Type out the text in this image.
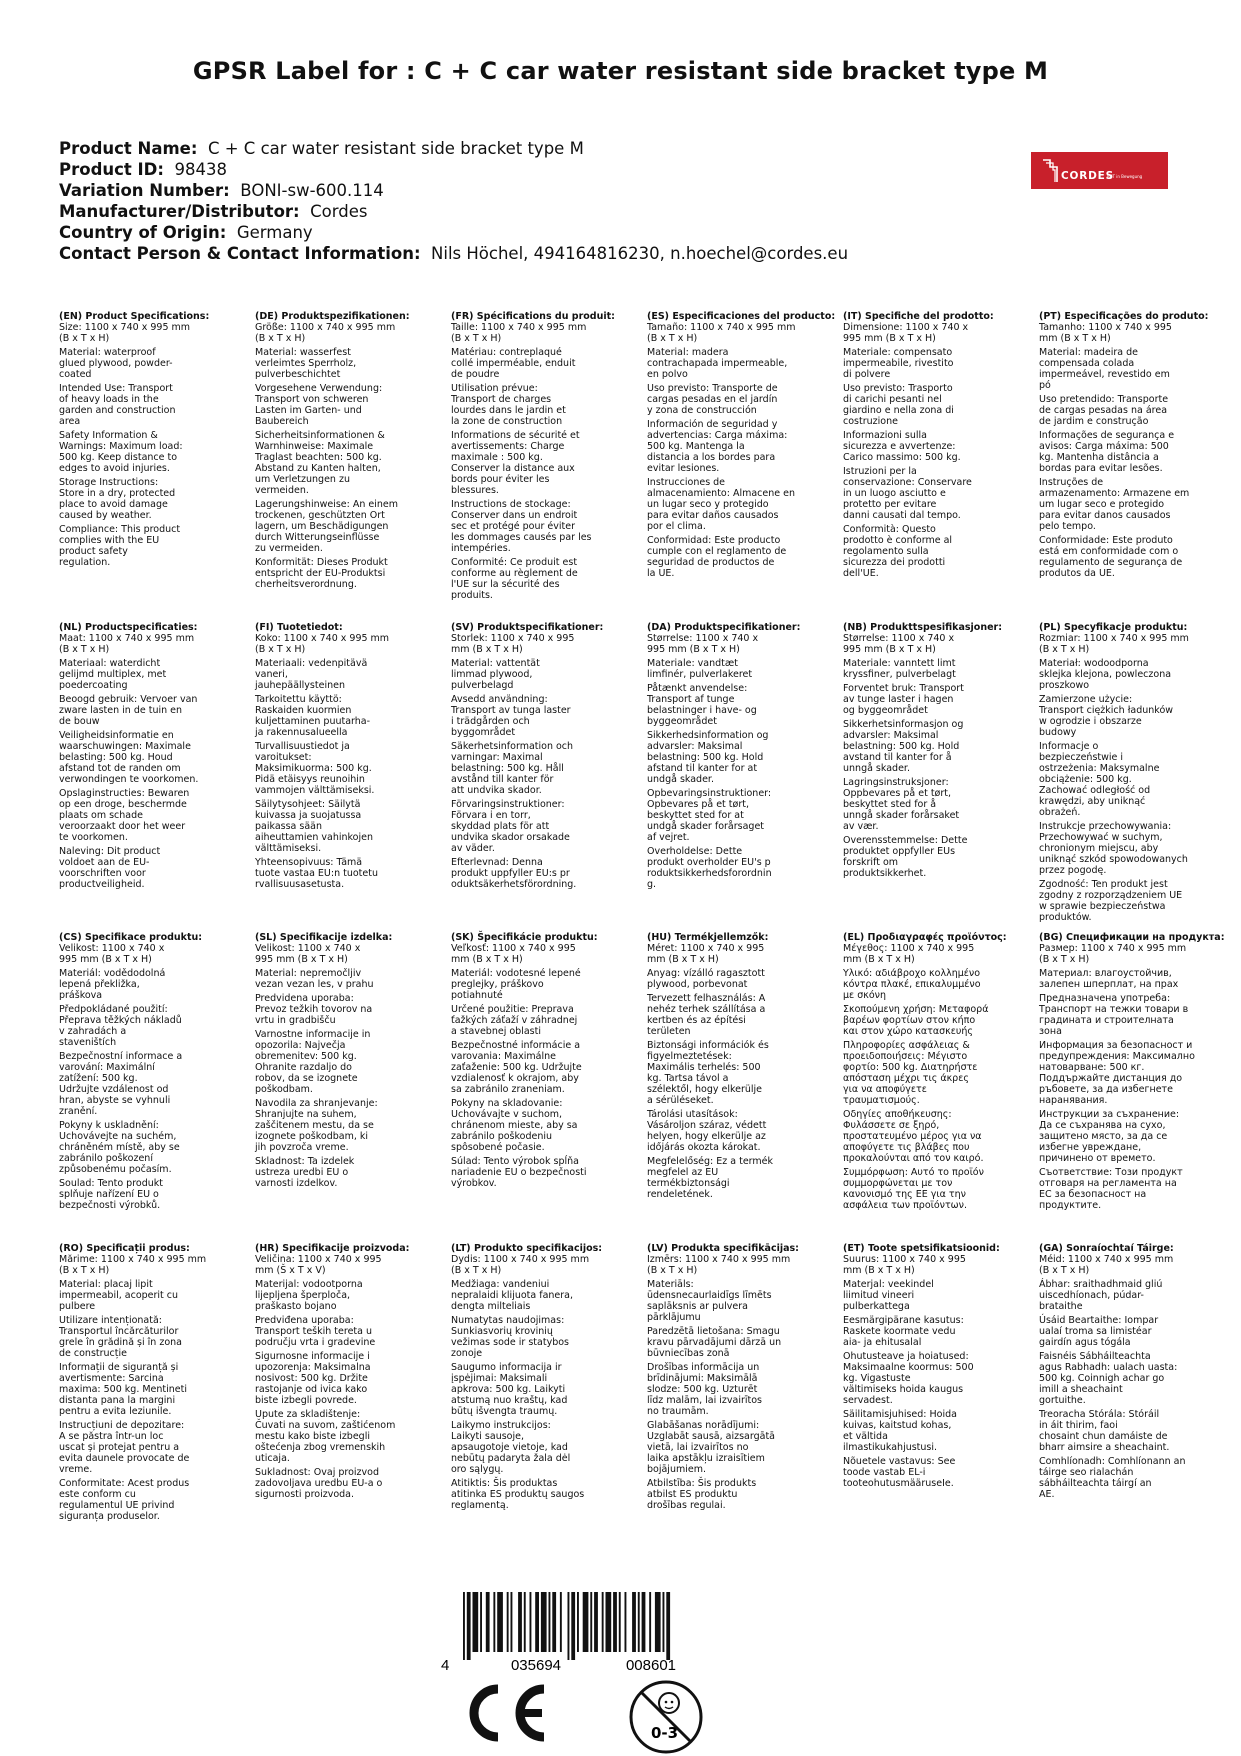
GPSR Label for : C + C car water resistant side bracket type M
Product Name: C + C car water resistant side bracket type M
Product ID: 98438
Variation Number: BONI-sw-600.114
Manufacturer/Distributor: Cordes
Country of Origin: Germany
Contact Person & Contact Information: Nils Höchel, 494164816230, n.hoechel@cordes.eu
CORDES
BBT in Bewegung
(EN) Product Specifications:
Size: 1100 x 740 x 995 mm
(B x T x H)
Material: waterproof
glued plywood, powder-
coated
Intended Use: Transport
of heavy loads in the
garden and construction
area
Safety Information &
Warnings: Maximum load:
500 kg. Keep distance to
edges to avoid injuries.
Storage Instructions:
Store in a dry, protected
place to avoid damage
caused by weather.
Compliance: This product
complies with the EU
product safety
regulation.
(DE) Produktspezifikationen:
Größe: 1100 x 740 x 995 mm
(B x T x H)
Material: wasserfest
verleimtes Sperrholz,
pulverbeschichtet
Vorgesehene Verwendung:
Transport von schweren
Lasten im Garten- und
Baubereich
Sicherheitsinformationen &
Warnhinweise: Maximale
Traglast beachten: 500 kg.
Abstand zu Kanten halten,
um Verletzungen zu
vermeiden.
Lagerungshinweise: An einem
trockenen, geschützten Ort
lagern, um Beschädigungen
durch Witterungseinflüsse
zu vermeiden.
Konformität: Dieses Produkt
entspricht der EU-Produktsi
cherheitsverordnung.
(FR) Spécifications du produit:
Taille: 1100 x 740 x 995 mm
(B x T x H)
Matériau: contreplaqué
collé imperméable, enduit
de poudre
Utilisation prévue:
Transport de charges
lourdes dans le jardin et
la zone de construction
Informations de sécurité et
avertissements: Charge
maximale : 500 kg.
Conserver la distance aux
bords pour éviter les
blessures.
Instructions de stockage:
Conserver dans un endroit
sec et protégé pour éviter
les dommages causés par les
intempéries.
Conformité: Ce produit est
conforme au règlement de
l'UE sur la sécurité des
produits.
(ES) Especificaciones del producto:
Tamaño: 1100 x 740 x 995 mm
(B x T x H)
Material: madera
contrachapada impermeable,
en polvo
Uso previsto: Transporte de
cargas pesadas en el jardín
y zona de construcción
Información de seguridad y
advertencias: Carga máxima:
500 kg. Mantenga la
distancia a los bordes para
evitar lesiones.
Instrucciones de
almacenamiento: Almacene en
un lugar seco y protegido
para evitar daños causados
por el clima.
Conformidad: Este producto
cumple con el reglamento de
seguridad de productos de
la UE.
(IT) Specifiche del prodotto:
Dimensione: 1100 x 740 x
995 mm (B x T x H)
Materiale: compensato
impermeabile, rivestito
di polvere
Uso previsto: Trasporto
di carichi pesanti nel
giardino e nella zona di
costruzione
Informazioni sulla
sicurezza e avvertenze:
Carico massimo: 500 kg.
Istruzioni per la
conservazione: Conservare
in un luogo asciutto e
protetto per evitare
danni causati dal tempo.
Conformità: Questo
prodotto è conforme al
regolamento sulla
sicurezza dei prodotti
dell'UE.
(PT) Especificações do produto:
Tamanho: 1100 x 740 x 995
mm (B x T x H)
Material: madeira de
compensada colada
impermeável, revestido em
pó
Uso pretendido: Transporte
de cargas pesadas na área
de jardim e construção
Informações de segurança e
avisos: Carga máxima: 500
kg. Mantenha distância a
bordas para evitar lesões.
Instruções de
armazenamento: Armazene em
um lugar seco e protegido
para evitar danos causados
pelo tempo.
Conformidade: Este produto
está em conformidade com o
regulamento de segurança de
produtos da UE.
(NL) Productspecificaties:
Maat: 1100 x 740 x 995 mm
(B x T x H)
Materiaal: waterdicht
gelijmd multiplex, met
poedercoating
Beoogd gebruik: Vervoer van
zware lasten in de tuin en
de bouw
Veiligheidsinformatie en
waarschuwingen: Maximale
belasting: 500 kg. Houd
afstand tot de randen om
verwondingen te voorkomen.
Opslaginstructies: Bewaren
op een droge, beschermde
plaats om schade
veroorzaakt door het weer
te voorkomen.
Naleving: Dit product
voldoet aan de EU-
voorschriften voor
productveiligheid.
(FI) Tuotetiedot:
Koko: 1100 x 740 x 995 mm
(B x T x H)
Materiaali: vedenpitävä
vaneri,
jauhepäällysteinen
Tarkoitettu käyttö:
Raskaiden kuormien
kuljettaminen puutarha-
ja rakennusalueella
Turvallisuustiedot ja
varoitukset:
Maksimikuorma: 500 kg.
Pidä etäisyys reunoihin
vammojen välttämiseksi.
Säilytysohjeet: Säilytä
kuivassa ja suojatussa
paikassa sään
aiheuttamien vahinkojen
välttämiseksi.
Yhteensopivuus: Tämä
tuote vastaa EU:n tuotetu
rvallisuusasetusta.
(SV) Produktspecifikationer:
Storlek: 1100 x 740 x 995
mm (B x T x H)
Material: vattentät
limmad plywood,
pulverbelagd
Avsedd användning:
Transport av tunga laster
i trädgården och
byggområdet
Säkerhetsinformation och
varningar: Maximal
belastning: 500 kg. Håll
avstånd till kanter för
att undvika skador.
Förvaringsinstruktioner:
Förvara i en torr,
skyddad plats för att
undvika skador orsakade
av väder.
Efterlevnad: Denna
produkt uppfyller EU:s pr
oduktsäkerhetsförordning.
(DA) Produktspecifikationer:
Størrelse: 1100 x 740 x
995 mm (B x T x H)
Materiale: vandtæt
limfinér, pulverlakeret
Påtænkt anvendelse:
Transport af tunge
belastninger i have- og
byggeområdet
Sikkerhedsinformation og
advarsler: Maksimal
belastning: 500 kg. Hold
afstand til kanter for at
undgå skader.
Opbevaringsinstruktioner:
Opbevares på et tørt,
beskyttet sted for at
undgå skader forårsaget
af vejret.
Overholdelse: Dette
produkt overholder EU's p
roduktsikkerhedsforordnin
g.
(NB) Produkttspesifikasjoner:
Størrelse: 1100 x 740 x
995 mm (B x T x H)
Materiale: vanntett limt
kryssfiner, pulverbelagt
Forventet bruk: Transport
av tunge laster i hagen
og byggeområdet
Sikkerhetsinformasjon og
advarsler: Maksimal
belastning: 500 kg. Hold
avstand til kanter for å
unngå skader.
Lagringsinstruksjoner:
Oppbevares på et tørt,
beskyttet sted for å
unngå skader forårsaket
av vær.
Overensstemmelse: Dette
produktet oppfyller EUs
forskrift om
produktsikkerhet.
(PL) Specyfikacje produktu:
Rozmiar: 1100 x 740 x 995 mm
(B x T x H)
Materiał: wodoodporna
sklejka klejona, powleczona
proszkowo
Zamierzone użycie:
Transport ciężkich ładunków
w ogrodzie i obszarze
budowy
Informacje o
bezpieczeństwie i
ostrzeżenia: Maksymalne
obciążenie: 500 kg.
Zachować odległość od
krawędzi, aby uniknąć
obrażeń.
Instrukcje przechowywania:
Przechowywać w suchym,
chronionym miejscu, aby
uniknąć szkód spowodowanych
przez pogodę.
Zgodność: Ten produkt jest
zgodny z rozporządzeniem UE
w sprawie bezpieczeństwa
produktów.
(CS) Specifikace produktu:
Velikost: 1100 x 740 x
995 mm (B x T x H)
Materiál: vodědodolná
lepená překližka,
práškova
Předpokládané použití:
Přeprava těžkých nákladů
v zahradách a
staveništích
Bezpečnostní informace a
varování: Maximální
zatížení: 500 kg.
Udržujte vzdálenost od
hran, abyste se vyhnuli
zranění.
Pokyny k uskladnění:
Uchovávejte na suchém,
chráněném místě, aby se
zabránilo poškození
způsobenému počasím.
Soulad: Tento produkt
splňuje nařízení EU o
bezpečnosti výrobků.
(SL) Specifikacije izdelka:
Velikost: 1100 x 740 x
995 mm (B x T x H)
Material: nepremočljiv
vezan vezan les, v prahu
Predvidena uporaba:
Prevoz težkih tovorov na
vrtu in gradbišču
Varnostne informacije in
opozorila: Največja
obremenitev: 500 kg.
Ohranite razdaljo do
robov, da se izognete
poškodbam.
Navodila za shranjevanje:
Shranjujte na suhem,
zaščitenem mestu, da se
izognete poškodbam, ki
jih povzroča vreme.
Skladnost: Ta izdelek
ustreza uredbi EU o
varnosti izdelkov.
(SK) Špecifikácie produktu:
Veľkosť: 1100 x 740 x 995
mm (B x T x H)
Materiál: vodotesné lepené
preglejky, práškovo
potiahnuté
Určené použitie: Preprava
ťažkých záťaží v záhradnej
a stavebnej oblasti
Bezpečnostné informácie a
varovania: Maximálne
zaťaženie: 500 kg. Udržujte
vzdialenosť k okrajom, aby
sa zabránilo zraneniam.
Pokyny na skladovanie:
Uchovávajte v suchom,
chránenom mieste, aby sa
zabránilo poškodeniu
spôsobené počasie.
Súlad: Tento výrobok spĺňa
nariadenie EU o bezpečnosti
výrobkov.
(HU) Termékjellemzők:
Méret: 1100 x 740 x 995
mm (B x T x H)
Anyag: vízálló ragasztott
plywood, porbevonat
Tervezett felhasználás: A
nehéz terhek szállítása a
kertben és az építési
területen
Biztonsági információk és
figyelmeztetések:
Maximális terhelés: 500
kg. Tartsa távol a
szélektől, hogy elkerülje
a sérüléseket.
Tárolási utasítások:
Vásároljon száraz, védett
helyen, hogy elkerülje az
időjárás okozta károkat.
Megfelelőség: Ez a termék
megfelel az EU
termékbiztonsági
rendeletének.
(EL) Προδιαγραφές προϊόντος:
Μέγεθος: 1100 x 740 x 995
mm (B x T x H)
Υλικό: αδιάβροχο κολλημένο
κόντρα πλακέ, επικαλυμμένο
με σκόνη
Σκοπούμενη χρήση: Μεταφορά
βαρέων φορτίων στον κήπο
και στον χώρο κατασκευής
Πληροφορίες ασφάλειας &
προειδοποιήσεις: Μέγιστο
φορτίο: 500 kg. Διατηρήστε
απόσταση μέχρι τις άκρες
για να αποφύγετε
τραυματισμούς.
Οδηγίες αποθήκευσης:
Φυλάσσετε σε ξηρό,
προστατευμένο μέρος για να
αποφύγετε τις βλάβες που
προκαλούνται από τον καιρό.
Συμμόρφωση: Αυτό το προϊόν
συμμορφώνεται με τον
κανονισμό της ΕΕ για την
ασφάλεια των προϊόντων.
(BG) Спецификации на продукта:
Размер: 1100 x 740 x 995 mm
(B x T x H)
Материал: влагоустойчив,
залепен шперплат, на прах
Предназначена употреба:
Транспорт на тежки товари в
градината и строителната
зона
Информация за безопасност и
предупреждения: Максимално
натоварване: 500 кг.
Поддържайте дистанция до
ръбовете, за да избегнете
наранявания.
Инструкции за съхранение:
Да се съхранява на сухо,
защитено място, за да се
избегне увреждане,
причинено от времето.
Съответствие: Този продукт
отговаря на регламента на
ЕС за безопасност на
продуктите.
(RO) Specificații produs:
Mărime: 1100 x 740 x 995 mm
(B x T x H)
Material: placaj lipit
impermeabil, acoperit cu
pulbere
Utilizare intenționată:
Transportul încărcăturilor
grele în grădină și în zona
de construcție
Informații de siguranță și
avertismente: Sarcina
maxima: 500 kg. Mentineti
distanta pana la margini
pentru a evita leziunile.
Instrucțiuni de depozitare:
A se păstra într-un loc
uscat și protejat pentru a
evita daunele provocate de
vreme.
Conformitate: Acest produs
este conform cu
regulamentul UE privind
siguranța produselor.
(HR) Specifikacije proizvoda:
Veličina: 1100 x 740 x 995
mm (Š x T x V)
Materijal: vodootporna
lijepljena šperploča,
praškasto bojano
Predviđena uporaba:
Transport teških tereta u
području vrta i gradevine
Sigurnosne informacije i
upozorenja: Maksimalna
nosivost: 500 kg. Držite
rastojanje od ivica kako
biste izbegli povrede.
Upute za skladištenje:
Čuvati na suvom, zaštićenom
mestu kako biste izbegli
oštećenja zbog vremenskih
uticaja.
Sukladnost: Ovaj proizvod
zadovoljava uredbu EU-a o
sigurnosti proizvoda.
(LT) Produkto specifikacijos:
Dydis: 1100 x 740 x 995 mm
(B x T x H)
Medžiaga: vandeniui
nepralaidi klijuota fanera,
dengta milteliais
Numatytas naudojimas:
Sunkiasvorių krovinių
vežimas sode ir statybos
zonoje
Saugumo informacija ir
įspėjimai: Maksimali
apkrova: 500 kg. Laikyti
atstumą nuo kraštų, kad
būtų išvengta traumų.
Laikymo instrukcijos:
Laikyti sausoje,
apsaugotoje vietoje, kad
nebūtų padaryta žala dėl
oro sąlygų.
Atitiktis: Šis produktas
atitinka ES produktų saugos
reglamentą.
(LV) Produkta specifikācijas:
Izmērs: 1100 x 740 x 995 mm
(B x T x H)
Materiāls:
ūdensnecaurlaidīgs līmēts
saplāksnis ar pulvera
pārklājumu
Paredzētā lietošana: Smagu
kravu pārvadājumi dārzā un
būvniecības zonā
Drošības informācija un
brīdinājumi: Maksimālā
slodze: 500 kg. Uzturēt
līdz malām, lai izvairītos
no traumām.
Glabāšanas norādījumi:
Uzglabāt sausā, aizsargātā
vietā, lai izvairītos no
laika apstākļu izraisītiem
bojājumiem.
Atbilstība: Šis produkts
atbilst ES produktu
drošības regulai.
(ET) Toote spetsifikatsioonid:
Suurus: 1100 x 740 x 995
mm (B x T x H)
Materjal: veekindel
liimitud vineeri
pulberkattega
Eesmärgipärane kasutus:
Raskete koormate vedu
aia- ja ehitusalal
Ohutusteave ja hoiatused:
Maksimaalne koormus: 500
kg. Vigastuste
vältimiseks hoida kaugus
servadest.
Säilitamisjuhised: Hoida
kuivas, kaitstud kohas,
et vältida
ilmastikukahjustusi.
Nõuetele vastavus: See
toode vastab EL-i
tooteohutusmääruseIe.
(GA) Sonraíochtaí Táirge:
Méid: 1100 x 740 x 995 mm
(B x T x H)
Ábhar: sraithadhmaid gliú
uiscedhíonach, púdar-
brataithe
Úsáid Beartaithe: Iompar
ualaí troma sa limistéar
gairdín agus tógála
Faisnéis Sábháilteachta
agus Rabhadh: ualach uasta:
500 kg. Coinnigh achar go
imill a sheachaint
gortuithe.
Treoracha Stórála: Stóráil
in áit thirim, faoi
chosaint chun damáiste de
bharr aimsire a sheachaint.
Comhlíonadh: Comhlíonann an
táirge seo rialachán
sábháilteachta táirgí an
AE.
4	035694	008601
0-3
